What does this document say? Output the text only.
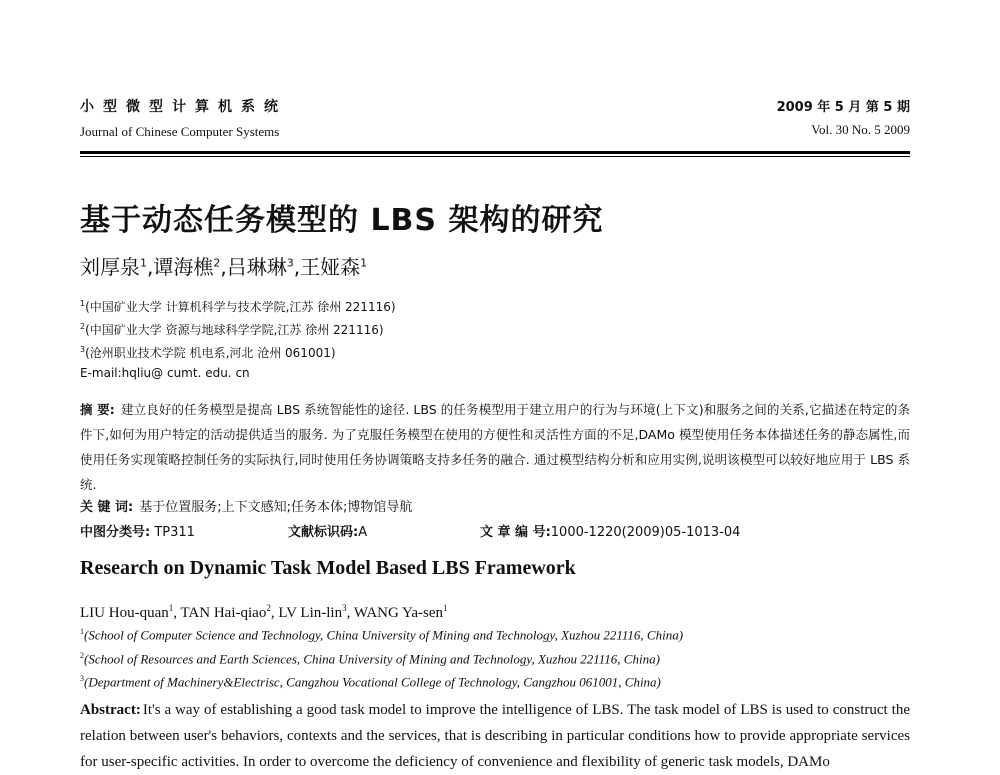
小型微型计算机系统
Journal of Chinese Computer Systems
2009 年 5 月 第 5 期
Vol. 30 No. 5 2009
基于动态任务模型的 LBS 架构的研究
刘厚泉$^1$,谭海樵$^2$,吕琳琳$^3$,王娅森$^1$
$^1$(中国矿业大学 计算机科学与技术学院,江苏 徐州 221116)
$^2$(中国矿业大学 资源与地球科学学院,江苏 徐州 221116)
$^3$(沧州职业技术学院 机电系,河北 沧州 061001)
E-mail:hqliu@ cumt. edu. cn
摘 要: 建立良好的任务模型是提高 LBS 系统智能性的途径. LBS 的任务模型用于建立用户的行为与环境(上下文)和服务之间的关系,它描述在特定的条件下,如何为用户特定的活动提供适当的服务. 为了克服任务模型在使用的方便性和灵活性方面的不足,DAMo 模型使用任务本体描述任务的静态属性,而使用任务实现策略控制任务的实际执行,同时使用任务协调策略支持多任务的融合. 通过模型结构分析和应用实例,说明该模型可以较好地应用于 LBS 系统.
关 键 词: 基于位置服务;上下文感知;任务本体;博物馆导航
中图分类号: TP311	文献标识码:A	文 章 编 号:1000-1220(2009)05-1013-04
Research on Dynamic Task Model Based LBS Framework
LIU Hou-quan$^1$, TAN Hai-qiao$^2$, LV Lin-lin$^3$, WANG Ya-sen$^1$
$^1$(School of Computer Science and Technology, China University of Mining and Technology, Xuzhou 221116, China)
$^2$(School of Resources and Earth Sciences, China University of Mining and Technology, Xuzhou 221116, China)
$^3$(Department of Machinery&Electrisc, Cangzhou Vocational College of Technology, Cangzhou 061001, China)
Abstract: It's a way of establishing a good task model to improve the intelligence of LBS. The task model of LBS is used to construct the relation between user's behaviors, contexts and the services, that is describing in particular conditions how to provide appropriate services for user-specific activities. In order to overcome the deficiency of convenience and flexibility of generic task models, DAMo
